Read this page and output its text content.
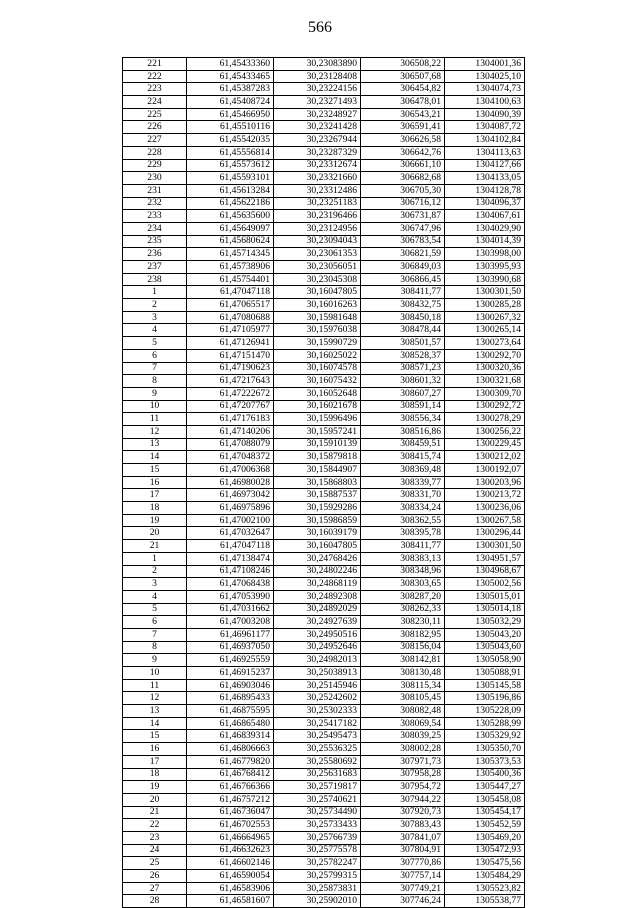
566
221	61,45433360	30,23083890	306508,22	1304001,36
222	61,45433465	30,23128408	306507,68	1304025,10
223	61,45387283	30,23224156	306454,82	1304074,73
224	61,45408724	30,23271493	306478,01	1304100,63
225	61,45466950	30,23248927	306543,21	1304090,39
226	61,45510116	30,23241428	306591,41	1304087,72
227	61,45542035	30,23267944	306626,58	1304102,84
228	61,45556814	30,23287329	306642,76	1304113,63
229	61,45573612	30,23312674	306661,10	1304127,66
230	61,45593101	30,23321660	306682,68	1304133,05
231	61,45613284	30,23312486	306705,30	1304128,78
232	61,45622186	30,23251183	306716,12	1304096,37
233	61,45635600	30,23196466	306731,87	1304067,61
234	61,45649097	30,23124956	306747,96	1304029,90
235	61,45680624	30,23094043	306783,54	1304014,39
236	61,45714345	30,23061353	306821,59	1303998,00
237	61,45738906	30,23056051	306849,03	1303995,93
238	61,45754401	30,23045308	306866,45	1303990,68
1	61,47047118	30,16047805	308411,77	1300301,50
2	61,47065517	30,16016263	308432,75	1300285,28
3	61,47080688	30,15981648	308450,18	1300267,32
4	61,47105977	30,15976038	308478,44	1300265,14
5	61,47126941	30,15990729	308501,57	1300273,64
6	61,47151470	30,16025022	308528,37	1300292,70
7	61,47190623	30,16074578	308571,23	1300320,36
8	61,47217643	30,16075432	308601,32	1300321,68
9	61,47222672	30,16052648	308607,27	1300309,70
10	61,47207767	30,16021678	308591,14	1300292,72
11	61,47176183	30,15996496	308556,34	1300278,29
12	61,47140206	30,15957241	308516,86	1300256,22
13	61,47088079	30,15910139	308459,51	1300229,45
14	61,47048372	30,15879818	308415,74	1300212,02
15	61,47006368	30,15844907	308369,48	1300192,07
16	61,46980028	30,15868803	308339,77	1300203,96
17	61,46973042	30,15887537	308331,70	1300213,72
18	61,46975896	30,15929286	308334,24	1300236,06
19	61,47002100	30,15986859	308362,55	1300267,58
20	61,47032647	30,16039179	308395,78	1300296,44
21	61,47047118	30,16047805	308411,77	1300301,50
1	61,47138474	30,24768426	308383,13	1304951,57
2	61,47108246	30,24802246	308348,96	1304968,67
3	61,47068438	30,24868119	308303,65	1305002,56
4	61,47053990	30,24892308	308287,20	1305015,01
5	61,47031662	30,24892029	308262,33	1305014,18
6	61,47003208	30,24927639	308230,11	1305032,29
7	61,46961177	30,24950516	308182,95	1305043,20
8	61,46937050	30,24952646	308156,04	1305043,60
9	61,46925559	30,24982013	308142,81	1305058,90
10	61,46915237	30,25038913	308130,48	1305088,91
11	61,46903046	30,25145946	308115,34	1305145,58
12	61,46895433	30,25242602	308105,45	1305196,86
13	61,46875595	30,25302333	308082,48	1305228,09
14	61,46865480	30,25417182	308069,54	1305288,99
15	61,46839314	30,25495473	308039,25	1305329,92
16	61,46806663	30,25536325	308002,28	1305350,70
17	61,46779820	30,25580692	307971,73	1305373,53
18	61,46768412	30,25631683	307958,28	1305400,36
19	61,46766366	30,25719817	307954,72	1305447,27
20	61,46757212	30,25740621	307944,22	1305458,08
21	61,46736047	30,25734490	307920,73	1305454,17
22	61,46702553	30,25733433	307883,43	1305452,59
23	61,46664965	30,25766739	307841,07	1305469,20
24	61,46632623	30,25775578	307804,91	1305472,93
25	61,46602146	30,25782247	307770,86	1305475,56
26	61,46590054	30,25799315	307757,14	1305484,29
27	61,46583906	30,25873831	307749,21	1305523,82
28	61,46581607	30,25902010	307746,24	1305538,77
